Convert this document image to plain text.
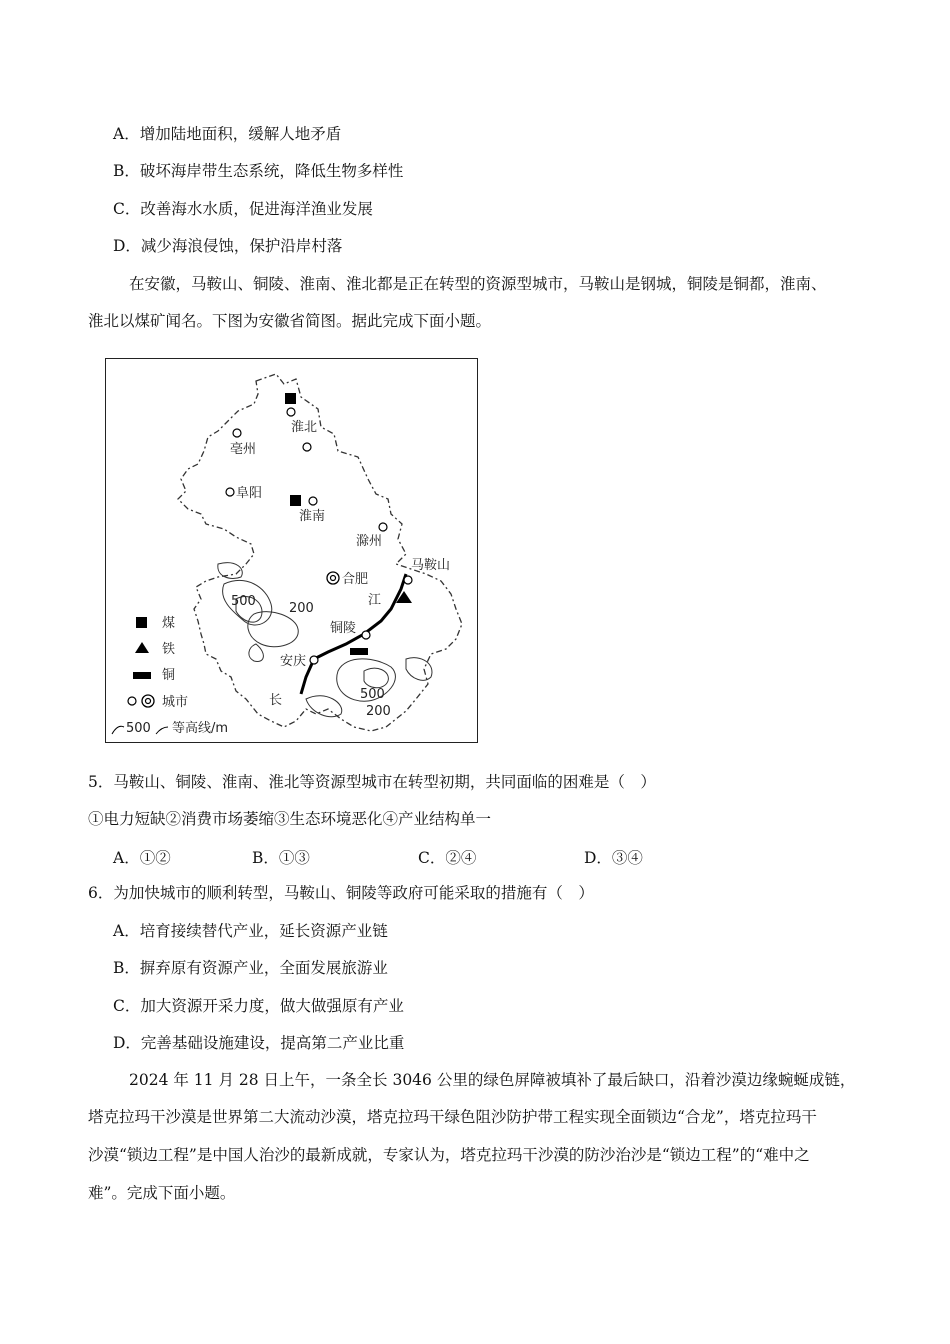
A．增加陆地面积，缓解人地矛盾
B．破坏海岸带生态系统，降低生物多样性
C．改善海水水质，促进海洋渔业发展
D．减少海浪侵蚀，保护沿岸村落
在安徽，马鞍山、铜陵、淮南、淮北都是正在转型的资源型城市，马鞍山是钢城，铜陵是铜都，淮南、
淮北以煤矿闻名。下图为安徽省简图。据此完成下面小题。
淮北
亳州
阜阳
淮南
滁州
马鞍山
合肥
铜陵
安庆
江
长
500	200
500
200
煤
铁
铜
城市
500 等高线/m
5．马鞍山、铜陵、淮南、淮北等资源型城市在转型初期，共同面临的困难是（　）
①电力短缺②消费市场萎缩③生态环境恶化④产业结构单一
A．①②	B．①③	C．②④	D．③④
6．为加快城市的顺利转型，马鞍山、铜陵等政府可能采取的措施有（　）
A．培育接续替代产业，延长资源产业链
B．摒弃原有资源产业，全面发展旅游业
C．加大资源开采力度，做大做强原有产业
D．完善基础设施建设，提高第二产业比重
2024 年 11 月 28 日上午，一条全长 3046 公里的绿色屏障被填补了最后缺口，沿着沙漠边缘蜿蜒成链，
塔克拉玛干沙漠是世界第二大流动沙漠，塔克拉玛干绿色阻沙防护带工程实现全面锁边“合龙”，塔克拉玛干
沙漠“锁边工程”是中国人治沙的最新成就，专家认为，塔克拉玛干沙漠的防沙治沙是“锁边工程”的“难中之
难”。完成下面小题。
